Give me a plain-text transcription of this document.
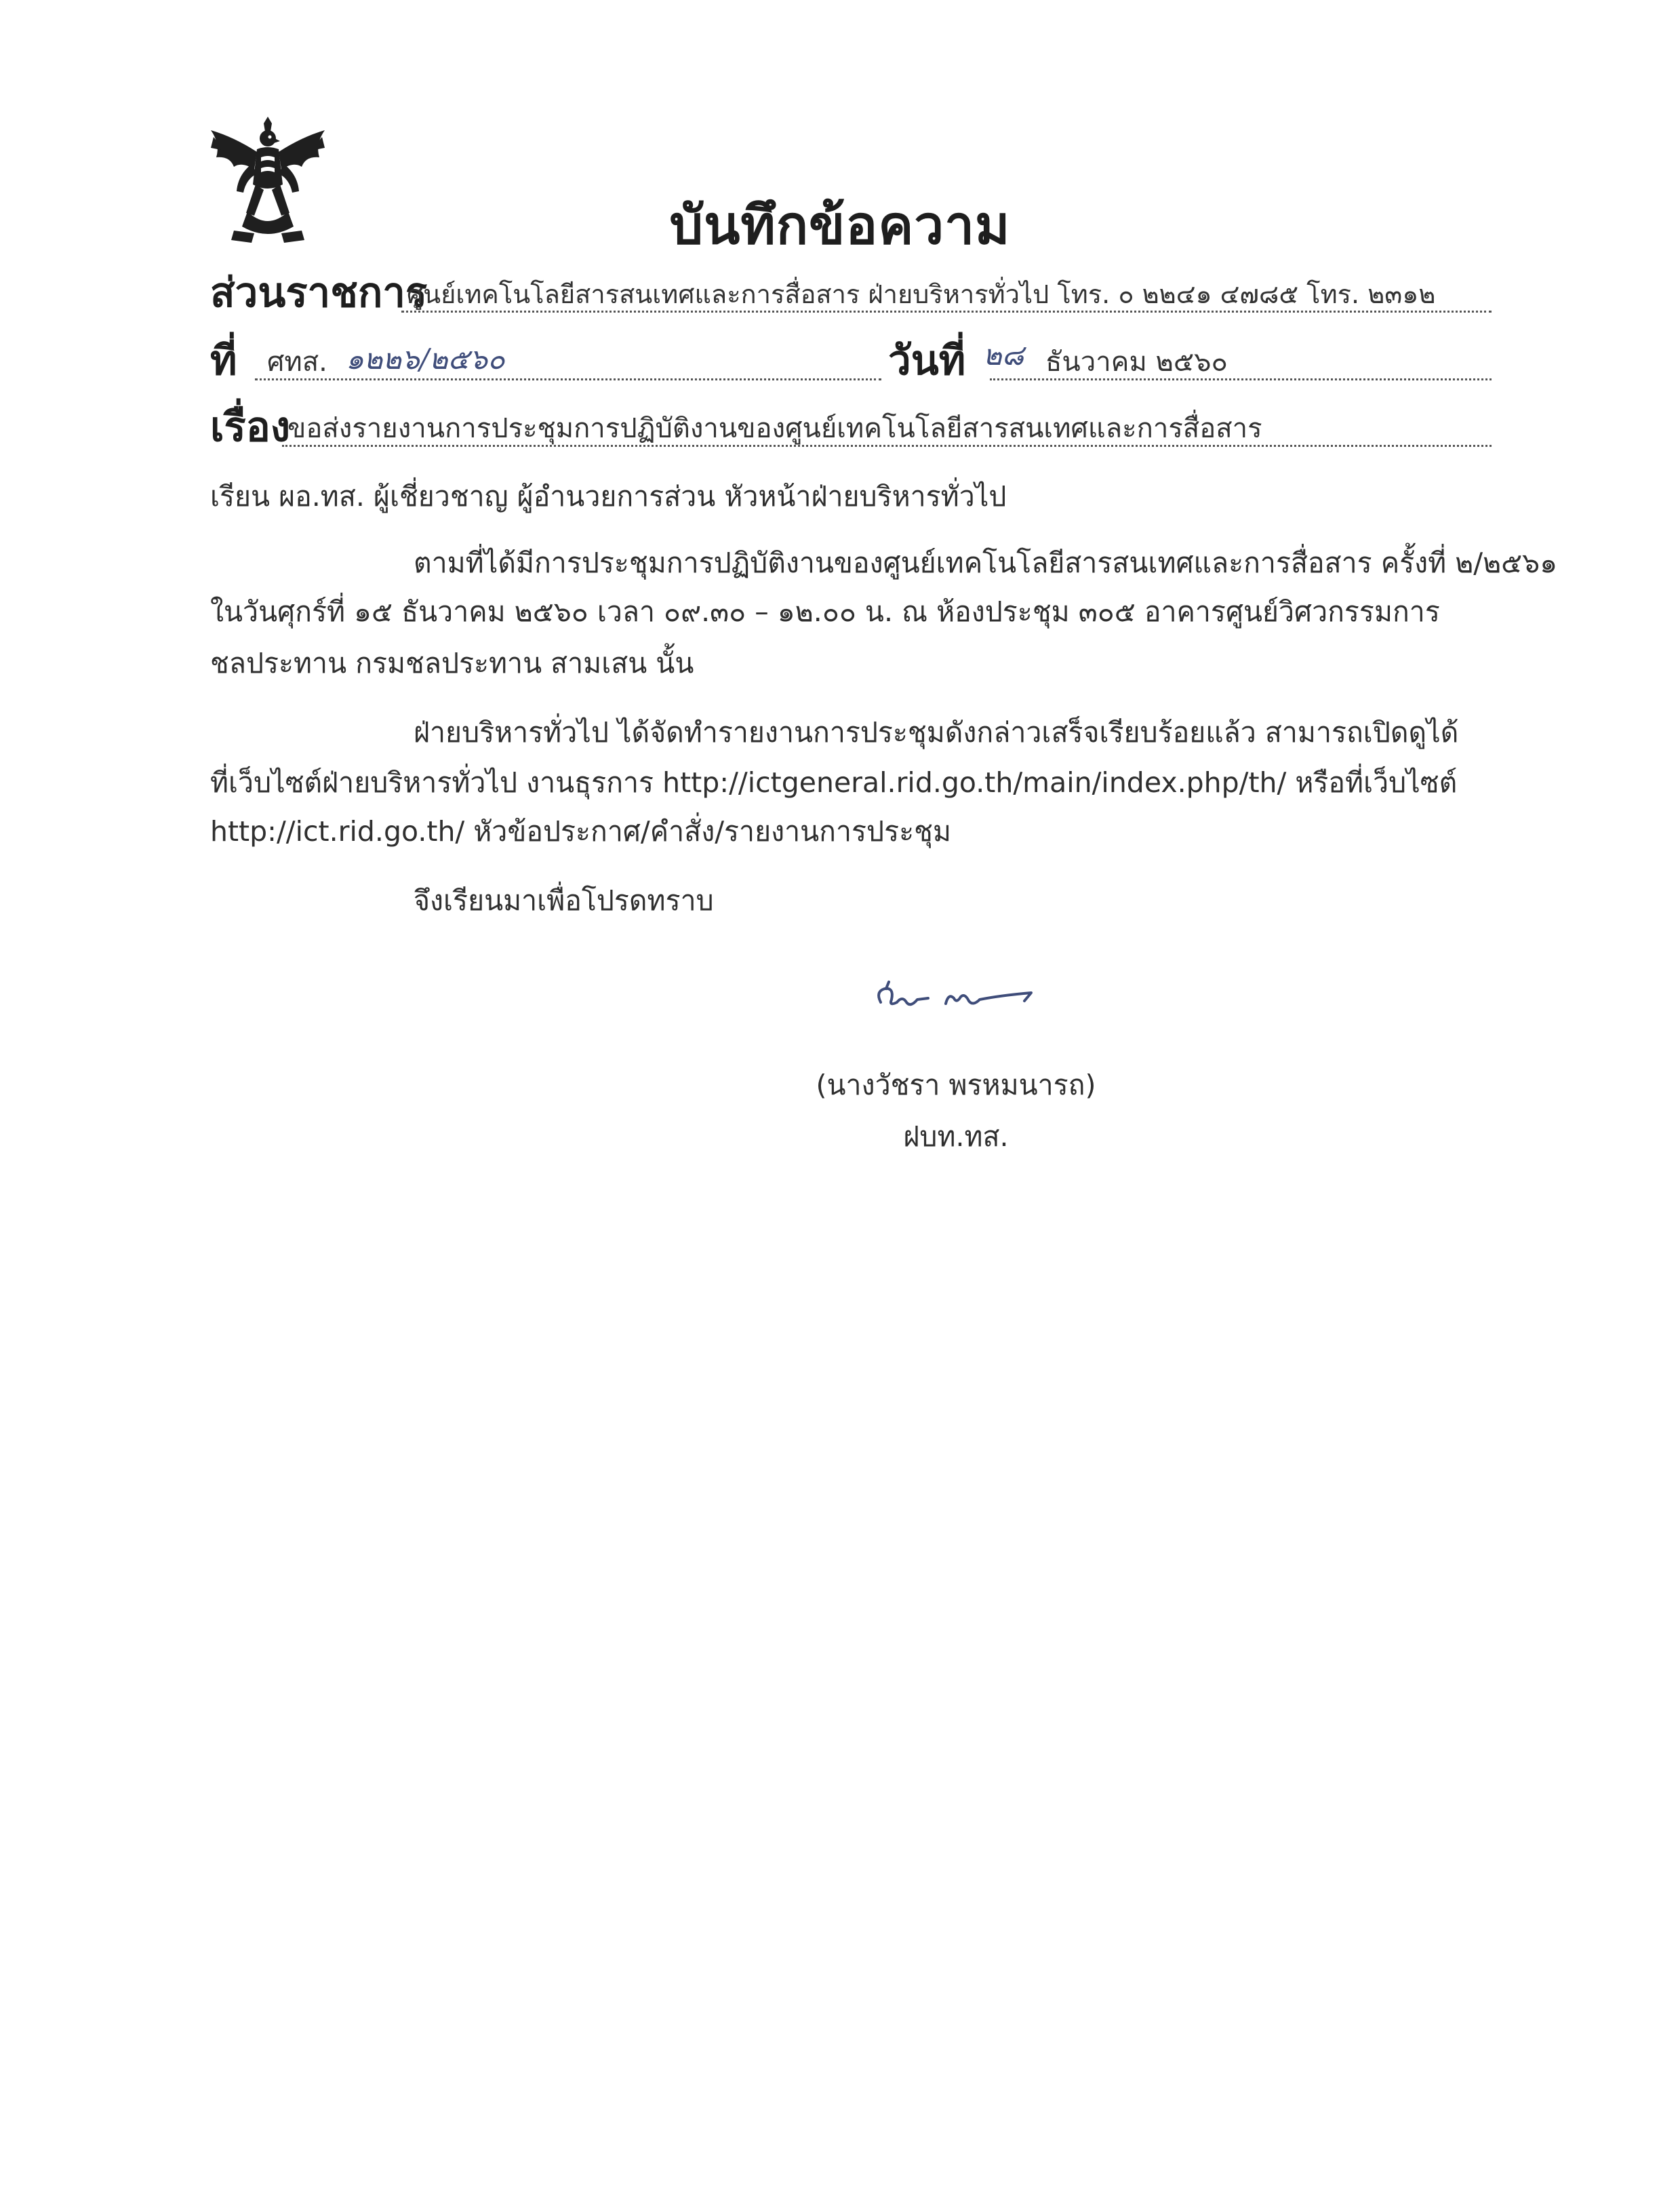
บันทึกข้อความ
ส่วนราชการ
ศูนย์เทคโนโลยีสารสนเทศและการสื่อสาร ฝ่ายบริหารทั่วไป โทร. ๐ ๒๒๔๑ ๔๗๘๕ โทร. ๒๓๑๒
ที่ ศทส. ๑๒๒๖/๒๕๖๐	วันที่ ๒๘ ธันวาคม ๒๕๖๐
เรื่อง
ขอส่งรายงานการประชุมการปฏิบัติงานของศูนย์เทคโนโลยีสารสนเทศและการสื่อสาร
เรียน ผอ.ทส. ผู้เชี่ยวชาญ ผู้อำนวยการส่วน หัวหน้าฝ่ายบริหารทั่วไป
ตามที่ได้มีการประชุมการปฏิบัติงานของศูนย์เทคโนโลยีสารสนเทศและการสื่อสาร ครั้งที่ ๒/๒๕๖๑
ในวันศุกร์ที่ ๑๕ ธันวาคม ๒๕๖๐ เวลา ๐๙.๓๐ – ๑๒.๐๐ น. ณ ห้องประชุม ๓๐๕ อาคารศูนย์วิศวกรรมการ
ชลประทาน กรมชลประทาน สามเสน นั้น
ฝ่ายบริหารทั่วไป ได้จัดทำรายงานการประชุมดังกล่าวเสร็จเรียบร้อยแล้ว สามารถเปิดดูได้
ที่เว็บไซต์ฝ่ายบริหารทั่วไป งานธุรการ http://ictgeneral.rid.go.th/main/index.php/th/ หรือที่เว็บไซต์
http://ict.rid.go.th/ หัวข้อประกาศ/คำสั่ง/รายงานการประชุม
จึงเรียนมาเพื่อโปรดทราบ
(นางวัชรา พรหมนารถ)
ฝบท.ทส.
